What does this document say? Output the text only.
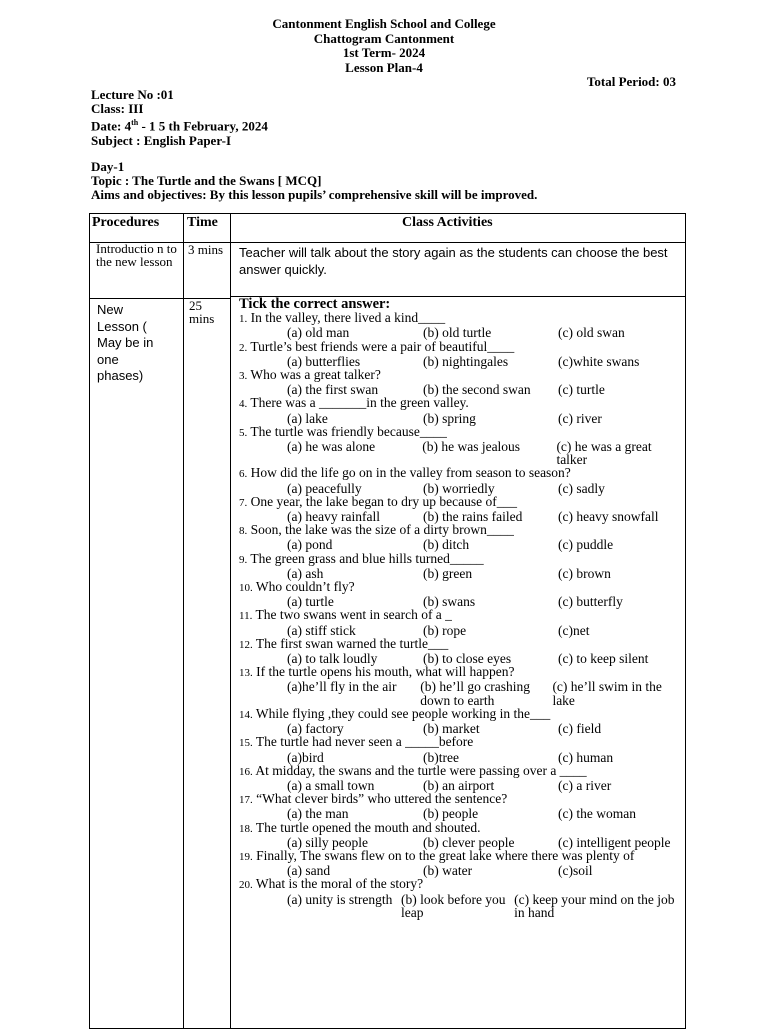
Cantonment English School and College
Chattogram Cantonment
1st Term- 2024
Lesson Plan-4
Total Period: 03
Lecture No :01
Class: III
Date: 4th - 1 5 th February, 2024
Subject : English Paper-I
Day-1
Topic : The Turtle and the Swans [ MCQ]
Aims and objectives: By this lesson pupils’ comprehensive skill will be improved.
Procedures Time	Class Activities
Introductio n to the new lesson
3 mins Teacher will talk about the story again as the students can choose the best answer quickly.
New Lesson ( May be in one phases)
25 mins
Tick the correct answer:
1. In the valley, there lived a kind____
(a) old man	(b) old turtle	(c) old swan
2. Turtle’s best friends were a pair of beautiful____
(a) butterflies	(b) nightingales	(c)white swans
3. Who was a great talker?
(a) the first swan	(b) the second swan	(c) turtle
4. There was a _______in the green valley.
(a) lake	(b) spring	(c) river
5. The turtle was friendly because____
(a) he was alone	(b) he was jealous	(c) he was a great talker
6. How did the life go on in the valley from season to season?
(a) peacefully	(b) worriedly	(c) sadly
7. One year, the lake began to dry up because of___
(a) heavy rainfall	(b) the rains failed	(c) heavy snowfall
8. Soon, the lake was the size of a dirty brown____
(a) pond	(b) ditch	(c) puddle
9. The green grass and blue hills turned_____
(a) ash	(b) green	(c) brown
10. Who couldn’t fly?
(a) turtle	(b) swans	(c) butterfly
11. The two swans went in search of a _
(a) stiff stick	(b) rope	(c)net
12. The first swan warned the turtle___
(a) to talk loudly	(b) to close eyes	(c) to keep silent
13. If the turtle opens his mouth, what will happen?
(a)he’ll fly in the air	(b) he’ll go crashing down to earth
(c) he’ll swim in the lake
14. While flying ,they could see people working in the___
(a) factory	(b) market	(c) field
15. The turtle had never seen a _____before
(a)bird	(b)tree	(c) human
16. At midday, the swans and the turtle were passing over a ____
(a) a small town	(b) an airport	(c) a river
17. “What clever birds” who uttered the sentence?
(a) the man	(b) people	(c) the woman
18. The turtle opened the mouth and shouted.
(a) silly people	(b) clever people	(c) intelligent people
19. Finally, The swans flew on to the great lake where there was plenty of
(a) sand	(b) water	(c)soil
20. What is the moral of the story?
(a) unity is strength (b) look before you leap
(c) keep your mind on the job in hand
